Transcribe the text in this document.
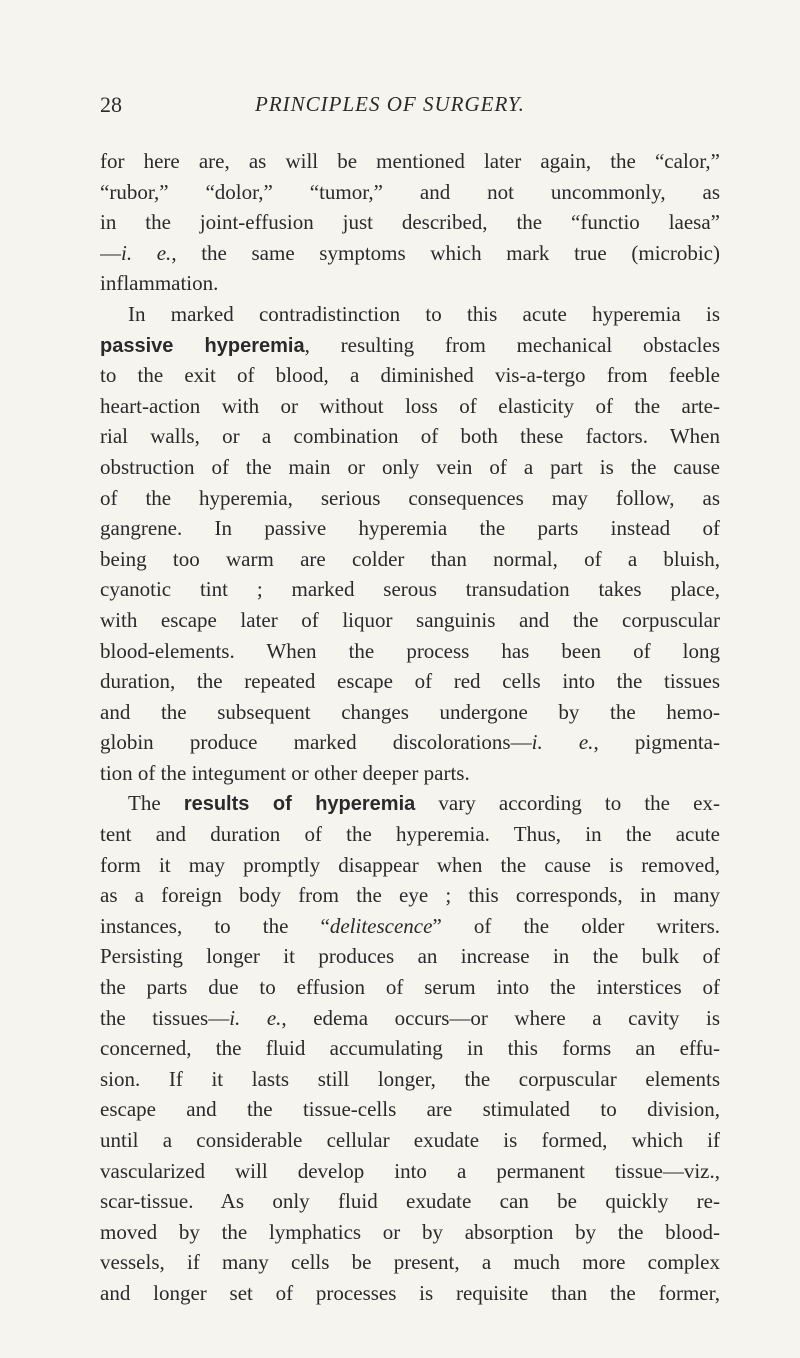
28	PRINCIPLES OF SURGERY.
for here are, as will be mentioned later again, the “calor,”
“rubor,” “dolor,” “tumor,” and not uncommonly, as
in the joint-effusion just described, the “functio laesa”
—i. e., the same symptoms which mark true (microbic)
inflammation.
In marked contradistinction to this acute hyperemia is
passive hyperemia, resulting from mechanical obstacles
to the exit of blood, a diminished vis-a-tergo from feeble
heart-action with or without loss of elasticity of the arte-
rial walls, or a combination of both these factors. When
obstruction of the main or only vein of a part is the cause
of the hyperemia, serious consequences may follow, as
gangrene. In passive hyperemia the parts instead of
being too warm are colder than normal, of a bluish,
cyanotic tint ; marked serous transudation takes place,
with escape later of liquor sanguinis and the corpuscular
blood-elements. When the process has been of long
duration, the repeated escape of red cells into the tissues
and the subsequent changes undergone by the hemo-
globin produce marked discolorations—i. e., pigmenta-
tion of the integument or other deeper parts.
The results of hyperemia vary according to the ex-
tent and duration of the hyperemia. Thus, in the acute
form it may promptly disappear when the cause is removed,
as a foreign body from the eye ; this corresponds, in many
instances, to the “delitescence” of the older writers.
Persisting longer it produces an increase in the bulk of
the parts due to effusion of serum into the interstices of
the tissues—i. e., edema occurs—or where a cavity is
concerned, the fluid accumulating in this forms an effu-
sion. If it lasts still longer, the corpuscular elements
escape and the tissue-cells are stimulated to division,
until a considerable cellular exudate is formed, which if
vascularized will develop into a permanent tissue—viz.,
scar-tissue. As only fluid exudate can be quickly re-
moved by the lymphatics or by absorption by the blood-
vessels, if many cells be present, a much more complex
and longer set of processes is requisite than the former,
